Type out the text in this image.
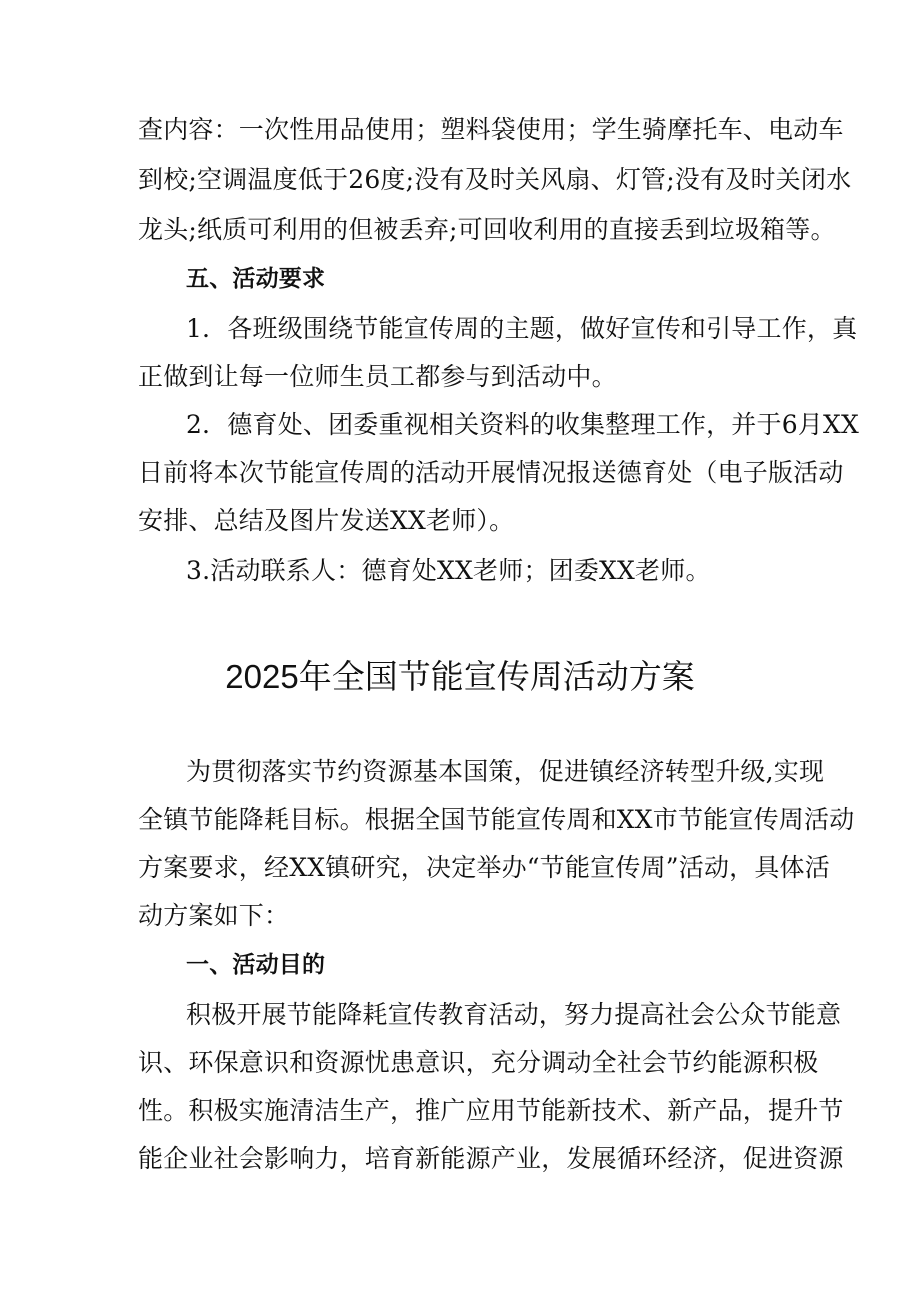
查内容：一次性用品使用；塑料袋使用；学生骑摩托车、电动车
到校;空调温度低于26度;没有及时关风扇、灯管;没有及时关闭水
龙头;纸质可利用的但被丢弃;可回收利用的直接丢到垃圾箱等。
五、活动要求
1．各班级围绕节能宣传周的主题，做好宣传和引导工作，真
正做到让每一位师生员工都参与到活动中。
2．德育处、团委重视相关资料的收集整理工作，并于6月XX
日前将本次节能宣传周的活动开展情况报送德育处（电子版活动
安排、总结及图片发送XX老师）。
3.活动联系人：德育处XX老师；团委XX老师。
2025年全国节能宣传周活动方案
为贯彻落实节约资源基本国策，促进镇经济转型升级,实现
全镇节能降耗目标。根据全国节能宣传周和XX市节能宣传周活动
方案要求，经XX镇研究，决定举办“节能宣传周”活动，具体活
动方案如下：
一、活动目的
积极开展节能降耗宣传教育活动，努力提高社会公众节能意
识、环保意识和资源忧患意识，充分调动全社会节约能源积极
性。积极实施清洁生产，推广应用节能新技术、新产品，提升节
能企业社会影响力，培育新能源产业，发展循环经济，促进资源
